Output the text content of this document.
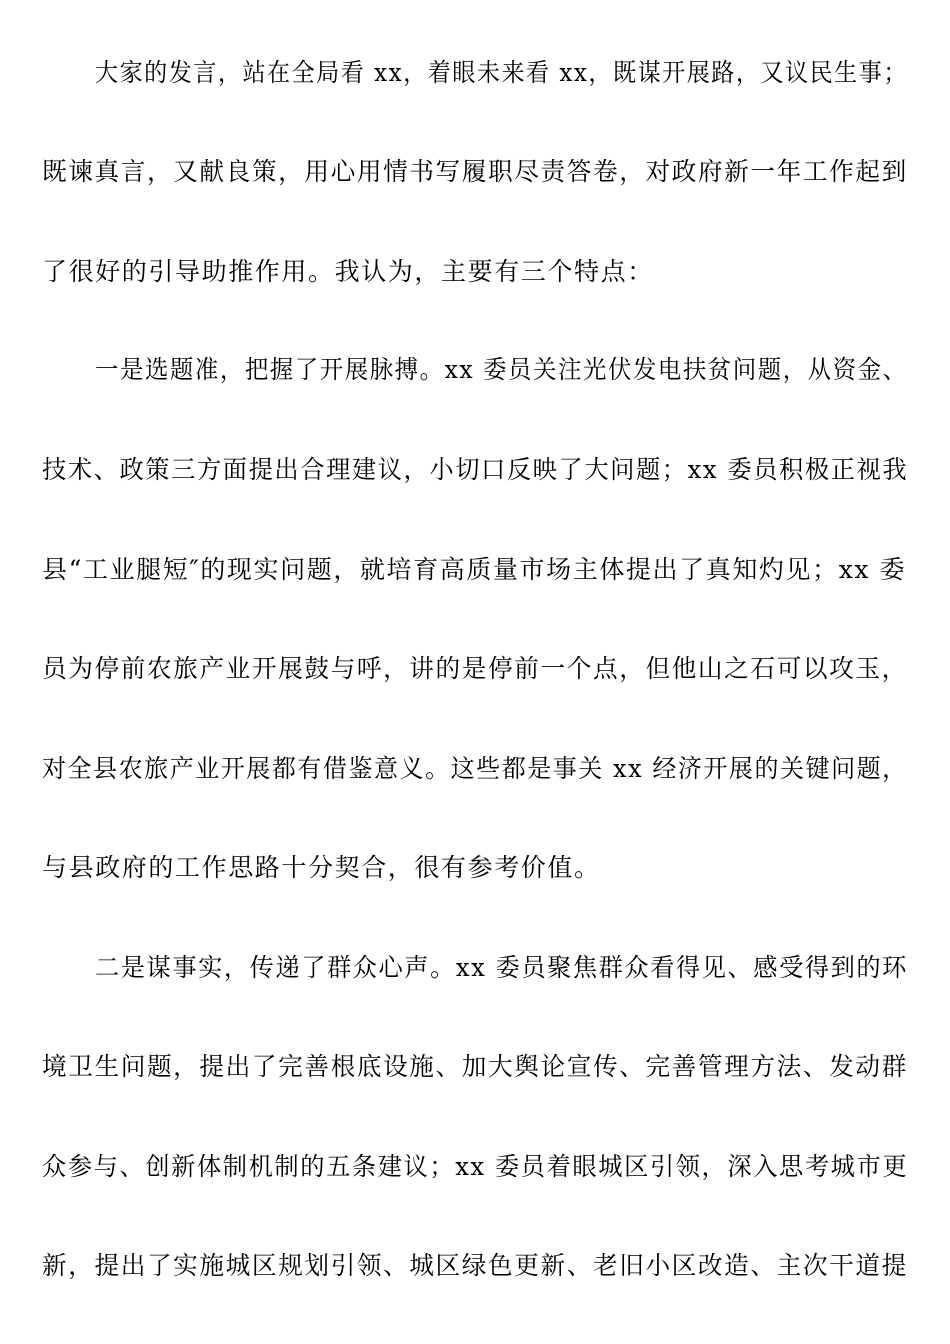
大家的发言，站在全局看 xx，着眼未来看 xx，既谋开展路，又议民生事；
既谏真言，又献良策，用心用情书写履职尽责答卷，对政府新一年工作起到
了很好的引导助推作用。我认为，主要有三个特点：
一是选题准，把握了开展脉搏。xx 委员关注光伏发电扶贫问题，从资金、
技术、政策三方面提出合理建议，小切口反映了大问题；xx 委员积极正视我
县“工业腿短″的现实问题，就培育高质量市场主体提出了真知灼见；xx 委
员为停前农旅产业开展鼓与呼，讲的是停前一个点，但他山之石可以攻玉，
对全县农旅产业开展都有借鉴意义。这些都是事关 xx 经济开展的关键问题，
与县政府的工作思路十分契合，很有参考价值。
二是谋事实，传递了群众心声。xx 委员聚焦群众看得见、感受得到的环
境卫生问题，提出了完善根底设施、加大舆论宣传、完善管理方法、发动群
众参与、创新体制机制的五条建议；xx 委员着眼城区引领，深入思考城市更
新，提出了实施城区规划引领、城区绿色更新、老旧小区改造、主次干道提
